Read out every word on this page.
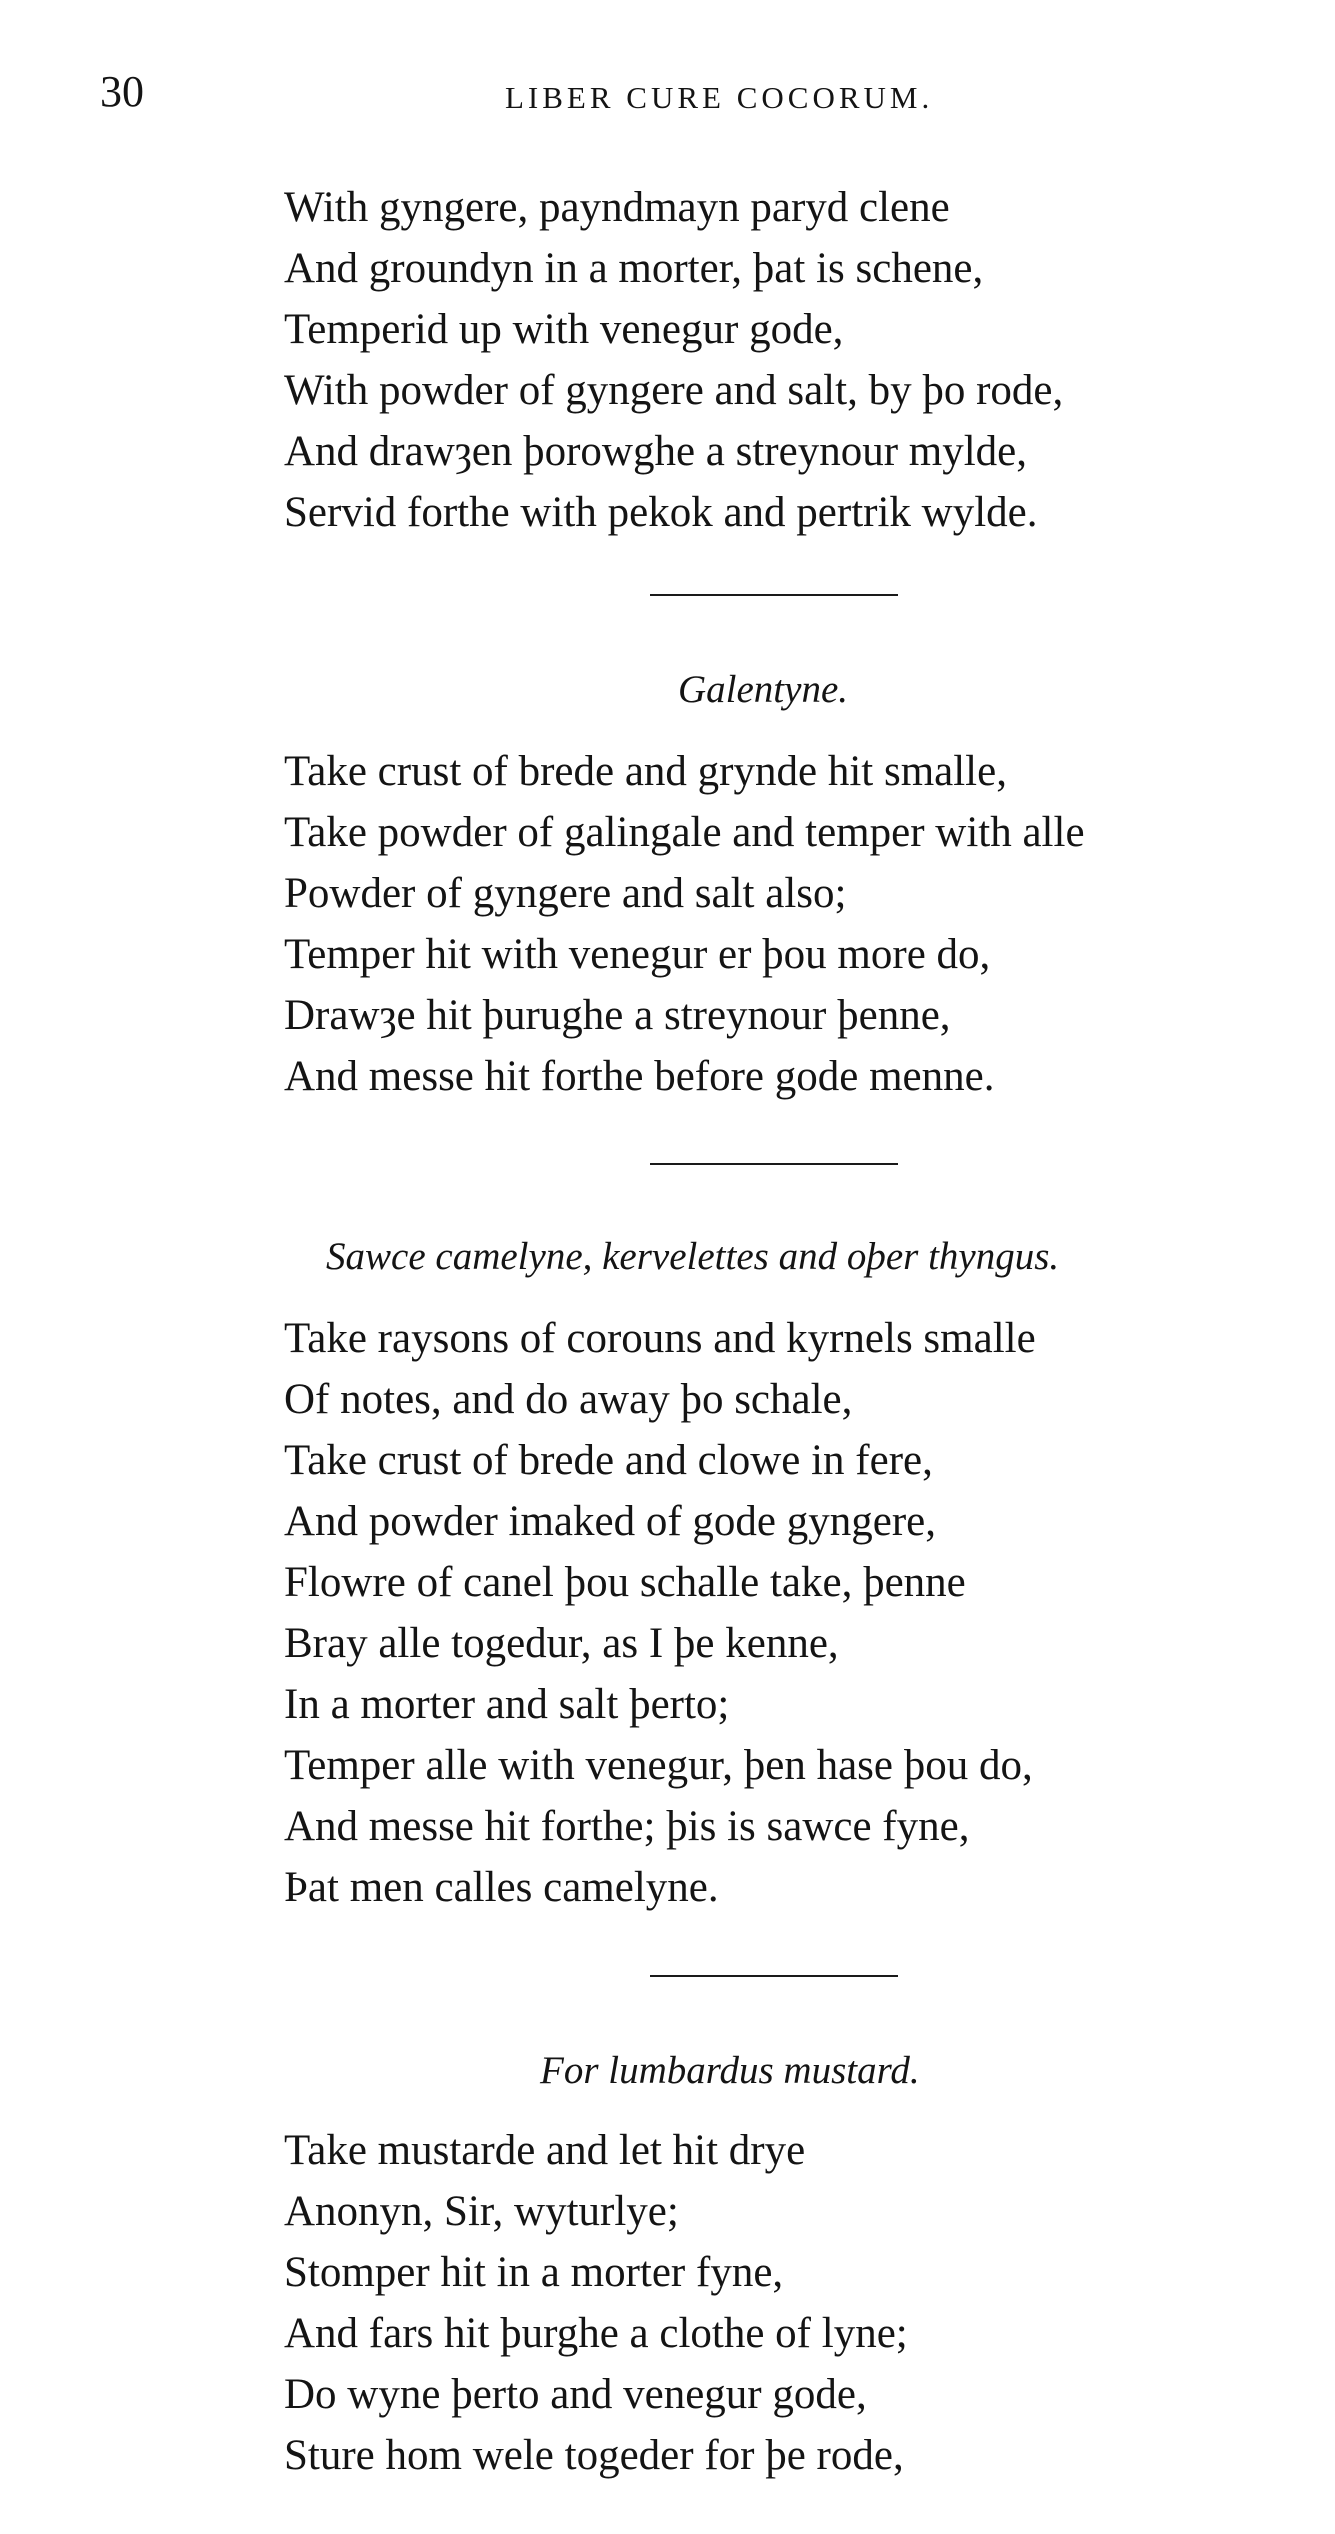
30	LIBER CURE COCORUM.
With gyngere, payndmayn paryd clene
And groundyn in a morter, þat is schene,
Temperid up with venegur gode,
With powder of gyngere and salt, by þo rode,
And drawȝen þorowghe a streynour mylde,
Servid forthe with pekok and pertrik wylde.
Galentyne.
Take crust of brede and grynde hit smalle,
Take powder of galingale and temper with alle
Powder of gyngere and salt also;
Temper hit with venegur er þou more do,
Drawȝe hit þurughe a streynour þenne,
And messe hit forthe before gode menne.
Sawce camelyne, kervelettes and oþer thyngus.
Take raysons of corouns and kyrnels smalle
Of notes, and do away þo schale,
Take crust of brede and clowe in fere,
And powder imaked of gode gyngere,
Flowre of canel þou schalle take, þenne
Bray alle togedur, as I þe kenne,
In a morter and salt þerto;
Temper alle with venegur, þen hase þou do,
And messe hit forthe; þis is sawce fyne,
Þat men calles camelyne.
For lumbardus mustard.
Take mustarde and let hit drye
Anonyn, Sir, wyturlye;
Stomper hit in a morter fyne,
And fars hit þurghe a clothe of lyne;
Do wyne þerto and venegur gode,
Sture hom wele togeder for þe rode,
